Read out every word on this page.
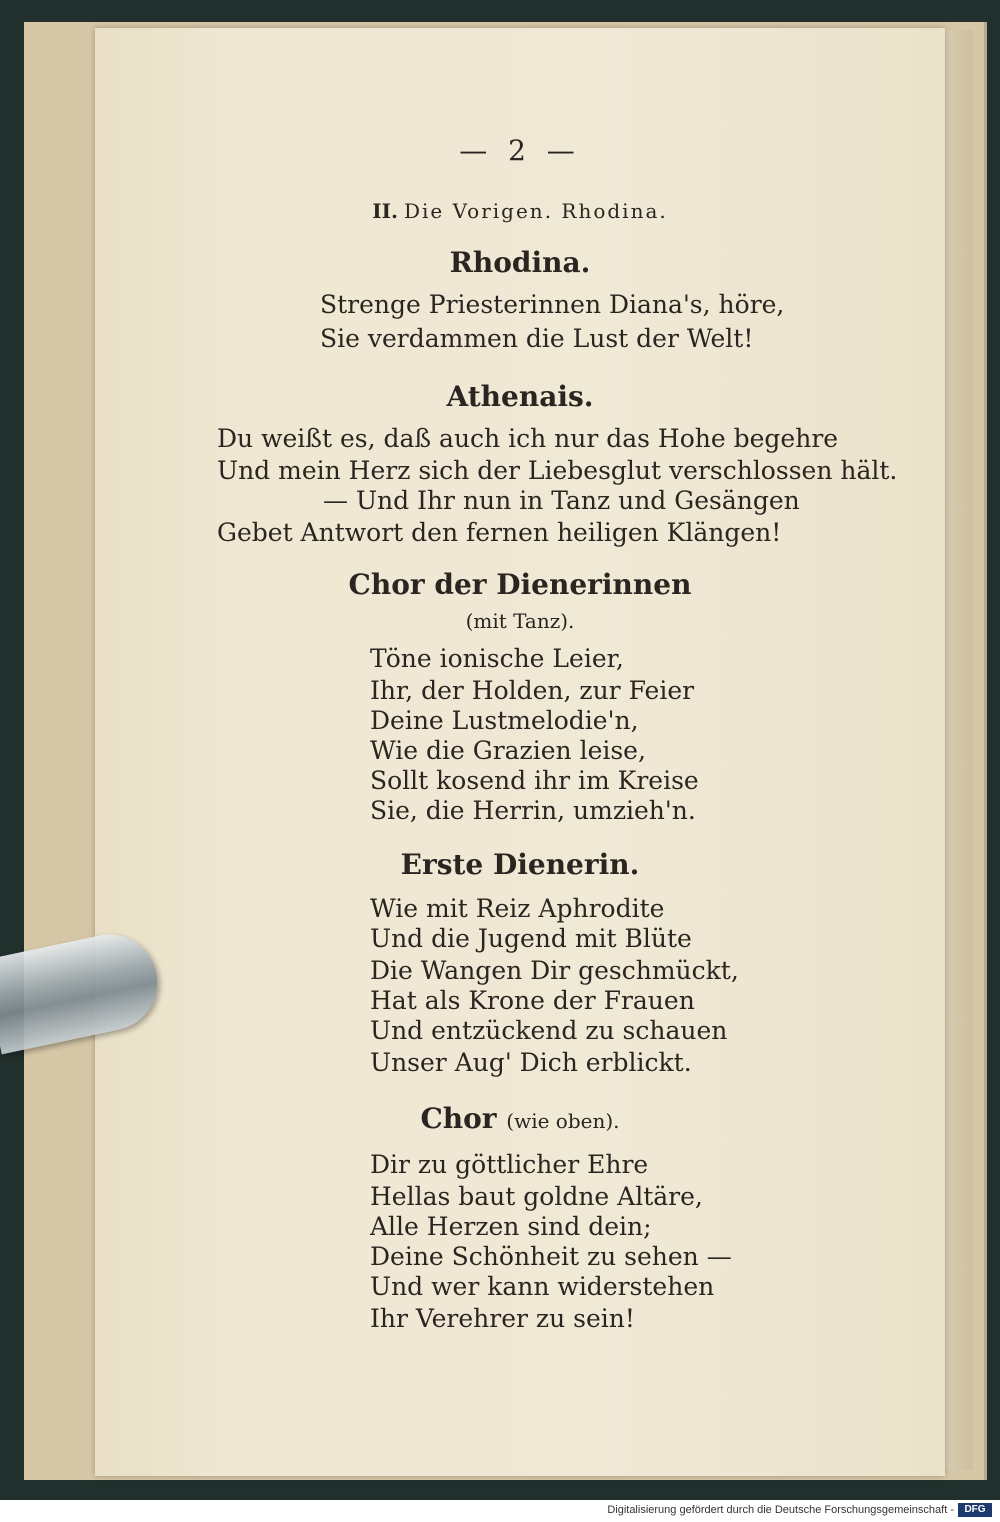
— 2 —
II. Die Vorigen. Rhodina.
Rhodina.
Strenge Priesterinnen Diana's, höre,
Sie verdammen die Lust der Welt!
Athenais.
Du weißt es, daß auch ich nur das Hohe begehre
Und mein Herz sich der Liebesglut verschlossen hält.
— Und Ihr nun in Tanz und Gesängen
Gebet Antwort den fernen heiligen Klängen!
Chor der Dienerinnen
(mit Tanz).
Töne ionische Leier,
Ihr, der Holden, zur Feier
Deine Lustmelodie'n,
Wie die Grazien leise,
Sollt kosend ihr im Kreise
Sie, die Herrin, umzieh'n.
Erste Dienerin.
Wie mit Reiz Aphrodite
Und die Jugend mit Blüte
Die Wangen Dir geschmückt,
Hat als Krone der Frauen
Und entzückend zu schauen
Unser Aug' Dich erblickt.
Chor (wie oben).
Dir zu göttlicher Ehre
Hellas baut goldne Altäre,
Alle Herzen sind dein;
Deine Schönheit zu sehen —
Und wer kann widerstehen
Ihr Verehrer zu sein!
Digitalisierung gefördert durch die Deutsche Forschungsgemeinschaft -	DFG
